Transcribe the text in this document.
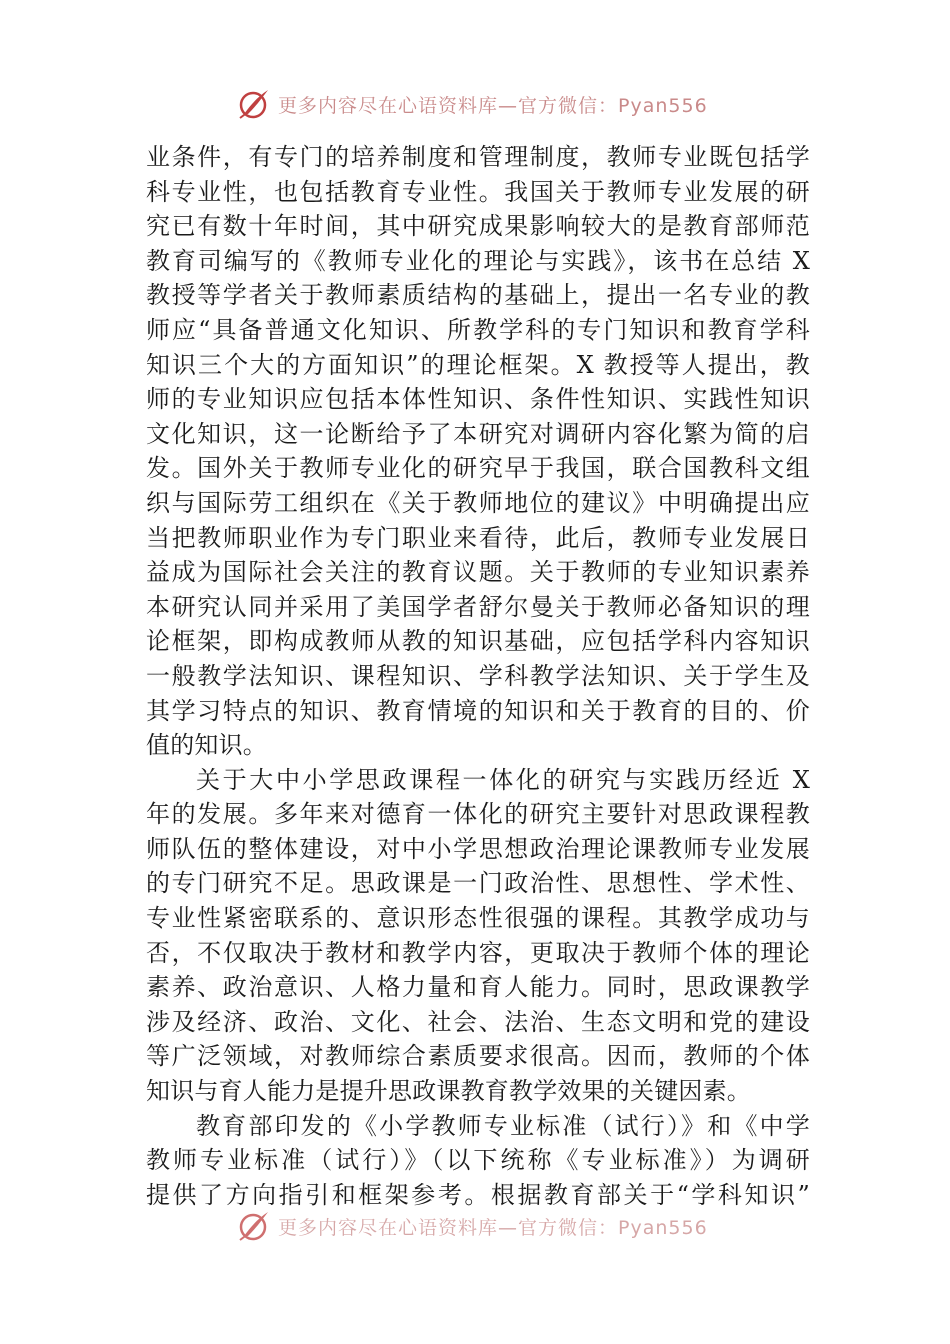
更多内容尽在心语资料库—官方微信：Pyan556
业条件，有专门的培养制度和管理制度，教师专业既包括学
科专业性，也包括教育专业性。我国关于教师专业发展的研
究已有数十年时间，其中研究成果影响较大的是教育部师范
教育司编写的《教师专业化的理论与实践》，该书在总结 X
教授等学者关于教师素质结构的基础上，提出一名专业的教
师应“具备普通文化知识、所教学科的专门知识和教育学科
知识三个大的方面知识”的理论框架。X 教授等人提出，教
师的专业知识应包括本体性知识、条件性知识、实践性知识
文化知识，这一论断给予了本研究对调研内容化繁为简的启
发。国外关于教师专业化的研究早于我国，联合国教科文组
织与国际劳工组织在《关于教师地位的建议》中明确提出应
当把教师职业作为专门职业来看待，此后，教师专业发展日
益成为国际社会关注的教育议题。关于教师的专业知识素养
本研究认同并采用了美国学者舒尔曼关于教师必备知识的理
论框架，即构成教师从教的知识基础，应包括学科内容知识
一般教学法知识、课程知识、学科教学法知识、关于学生及
其学习特点的知识、教育情境的知识和关于教育的目的、价
值的知识。
关于大中小学思政课程一体化的研究与实践历经近 X
年的发展。多年来对德育一体化的研究主要针对思政课程教
师队伍的整体建设，对中小学思想政治理论课教师专业发展
的专门研究不足。思政课是一门政治性、思想性、学术性、
专业性紧密联系的、意识形态性很强的课程。其教学成功与
否，不仅取决于教材和教学内容，更取决于教师个体的理论
素养、政治意识、人格力量和育人能力。同时，思政课教学
涉及经济、政治、文化、社会、法治、生态文明和党的建设
等广泛领域，对教师综合素质要求很高。因而，教师的个体
知识与育人能力是提升思政课教育教学效果的关键因素。
教育部印发的《小学教师专业标准（试行）》和《中学
教师专业标准（试行）》（以下统称《专业标准》）为调研
提供了方向指引和框架参考。根据教育部关于“学科知识”
更多内容尽在心语资料库—官方微信：Pyan556
